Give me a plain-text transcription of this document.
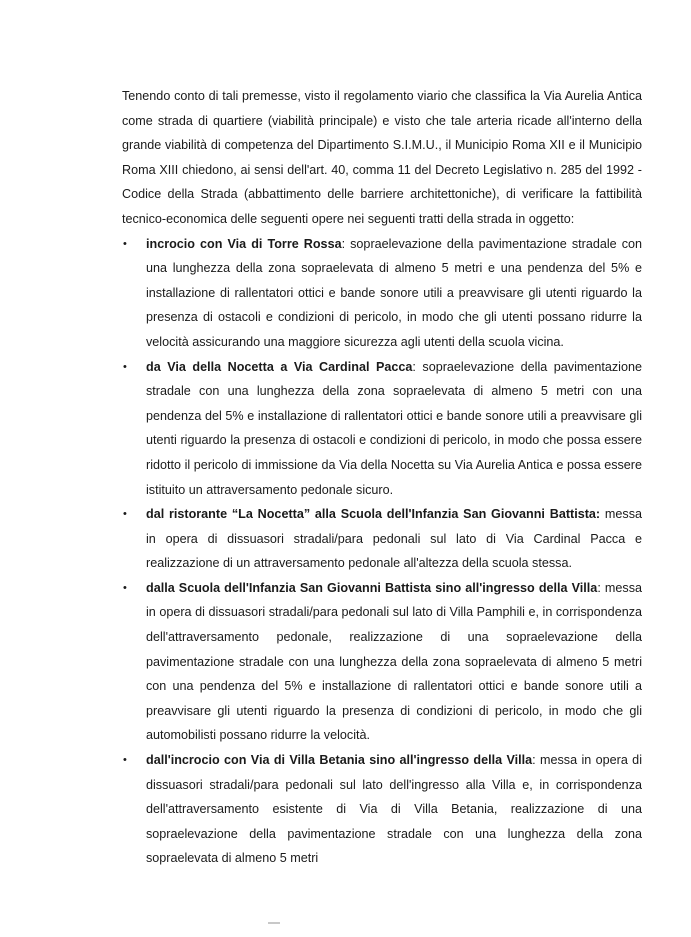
Tenendo conto di tali premesse, visto il regolamento viario che classifica la Via Aurelia Antica come strada di quartiere (viabilità principale) e visto che tale arteria ricade all'interno della grande viabilità di competenza del Dipartimento S.I.M.U., il Municipio Roma XII e il Municipio Roma XIII chiedono, ai sensi dell'art. 40, comma 11 del Decreto Legislativo n. 285 del 1992 - Codice della Strada (abbattimento delle barriere architettoniche), di verificare la fattibilità tecnico-economica delle seguenti opere nei seguenti tratti della strada in oggetto:

• incrocio con Via di Torre Rossa: sopraelevazione della pavimentazione stradale con una lunghezza della zona sopraelevata di almeno 5 metri e una pendenza del 5% e installazione di rallentatori ottici e bande sonore utili a preavvisare gli utenti riguardo la presenza di ostacoli e condizioni di pericolo, in modo che gli utenti possano ridurre la velocità assicurando una maggiore sicurezza agli utenti della scuola vicina.
• da Via della Nocetta a Via Cardinal Pacca: sopraelevazione della pavimentazione stradale con una lunghezza della zona sopraelevata di almeno 5 metri con una pendenza del 5% e installazione di rallentatori ottici e bande sonore utili a preavvisare gli utenti riguardo la presenza di ostacoli e condizioni di pericolo, in modo che possa essere ridotto il pericolo di immissione da Via della Nocetta su Via Aurelia Antica e possa essere istituito un attraversamento pedonale sicuro.
• dal ristorante “La Nocetta” alla Scuola dell'Infanzia San Giovanni Battista: messa in opera di dissuasori stradali/para pedonali sul lato di Via Cardinal Pacca e realizzazione di un attraversamento pedonale all'altezza della scuola stessa.
• dalla Scuola dell'Infanzia San Giovanni Battista sino all'ingresso della Villa: messa in opera di dissuasori stradali/para pedonali sul lato di Villa Pamphili e, in corrispondenza dell'attraversamento pedonale, realizzazione di una sopraelevazione della pavimentazione stradale con una lunghezza della zona sopraelevata di almeno 5 metri con una pendenza del 5% e installazione di rallentatori ottici e bande sonore utili a preavvisare gli utenti riguardo la presenza di condizioni di pericolo, in modo che gli automobilisti possano ridurre la velocità.
• dall'incrocio con Via di Villa Betania sino all'ingresso della Villa: messa in opera di dissuasori stradali/para pedonali sul lato dell'ingresso alla Villa e, in corrispondenza dell'attraversamento esistente di Via di Villa Betania, realizzazione di una sopraelevazione della pavimentazione stradale con una lunghezza della zona sopraelevata di almeno 5 metri
